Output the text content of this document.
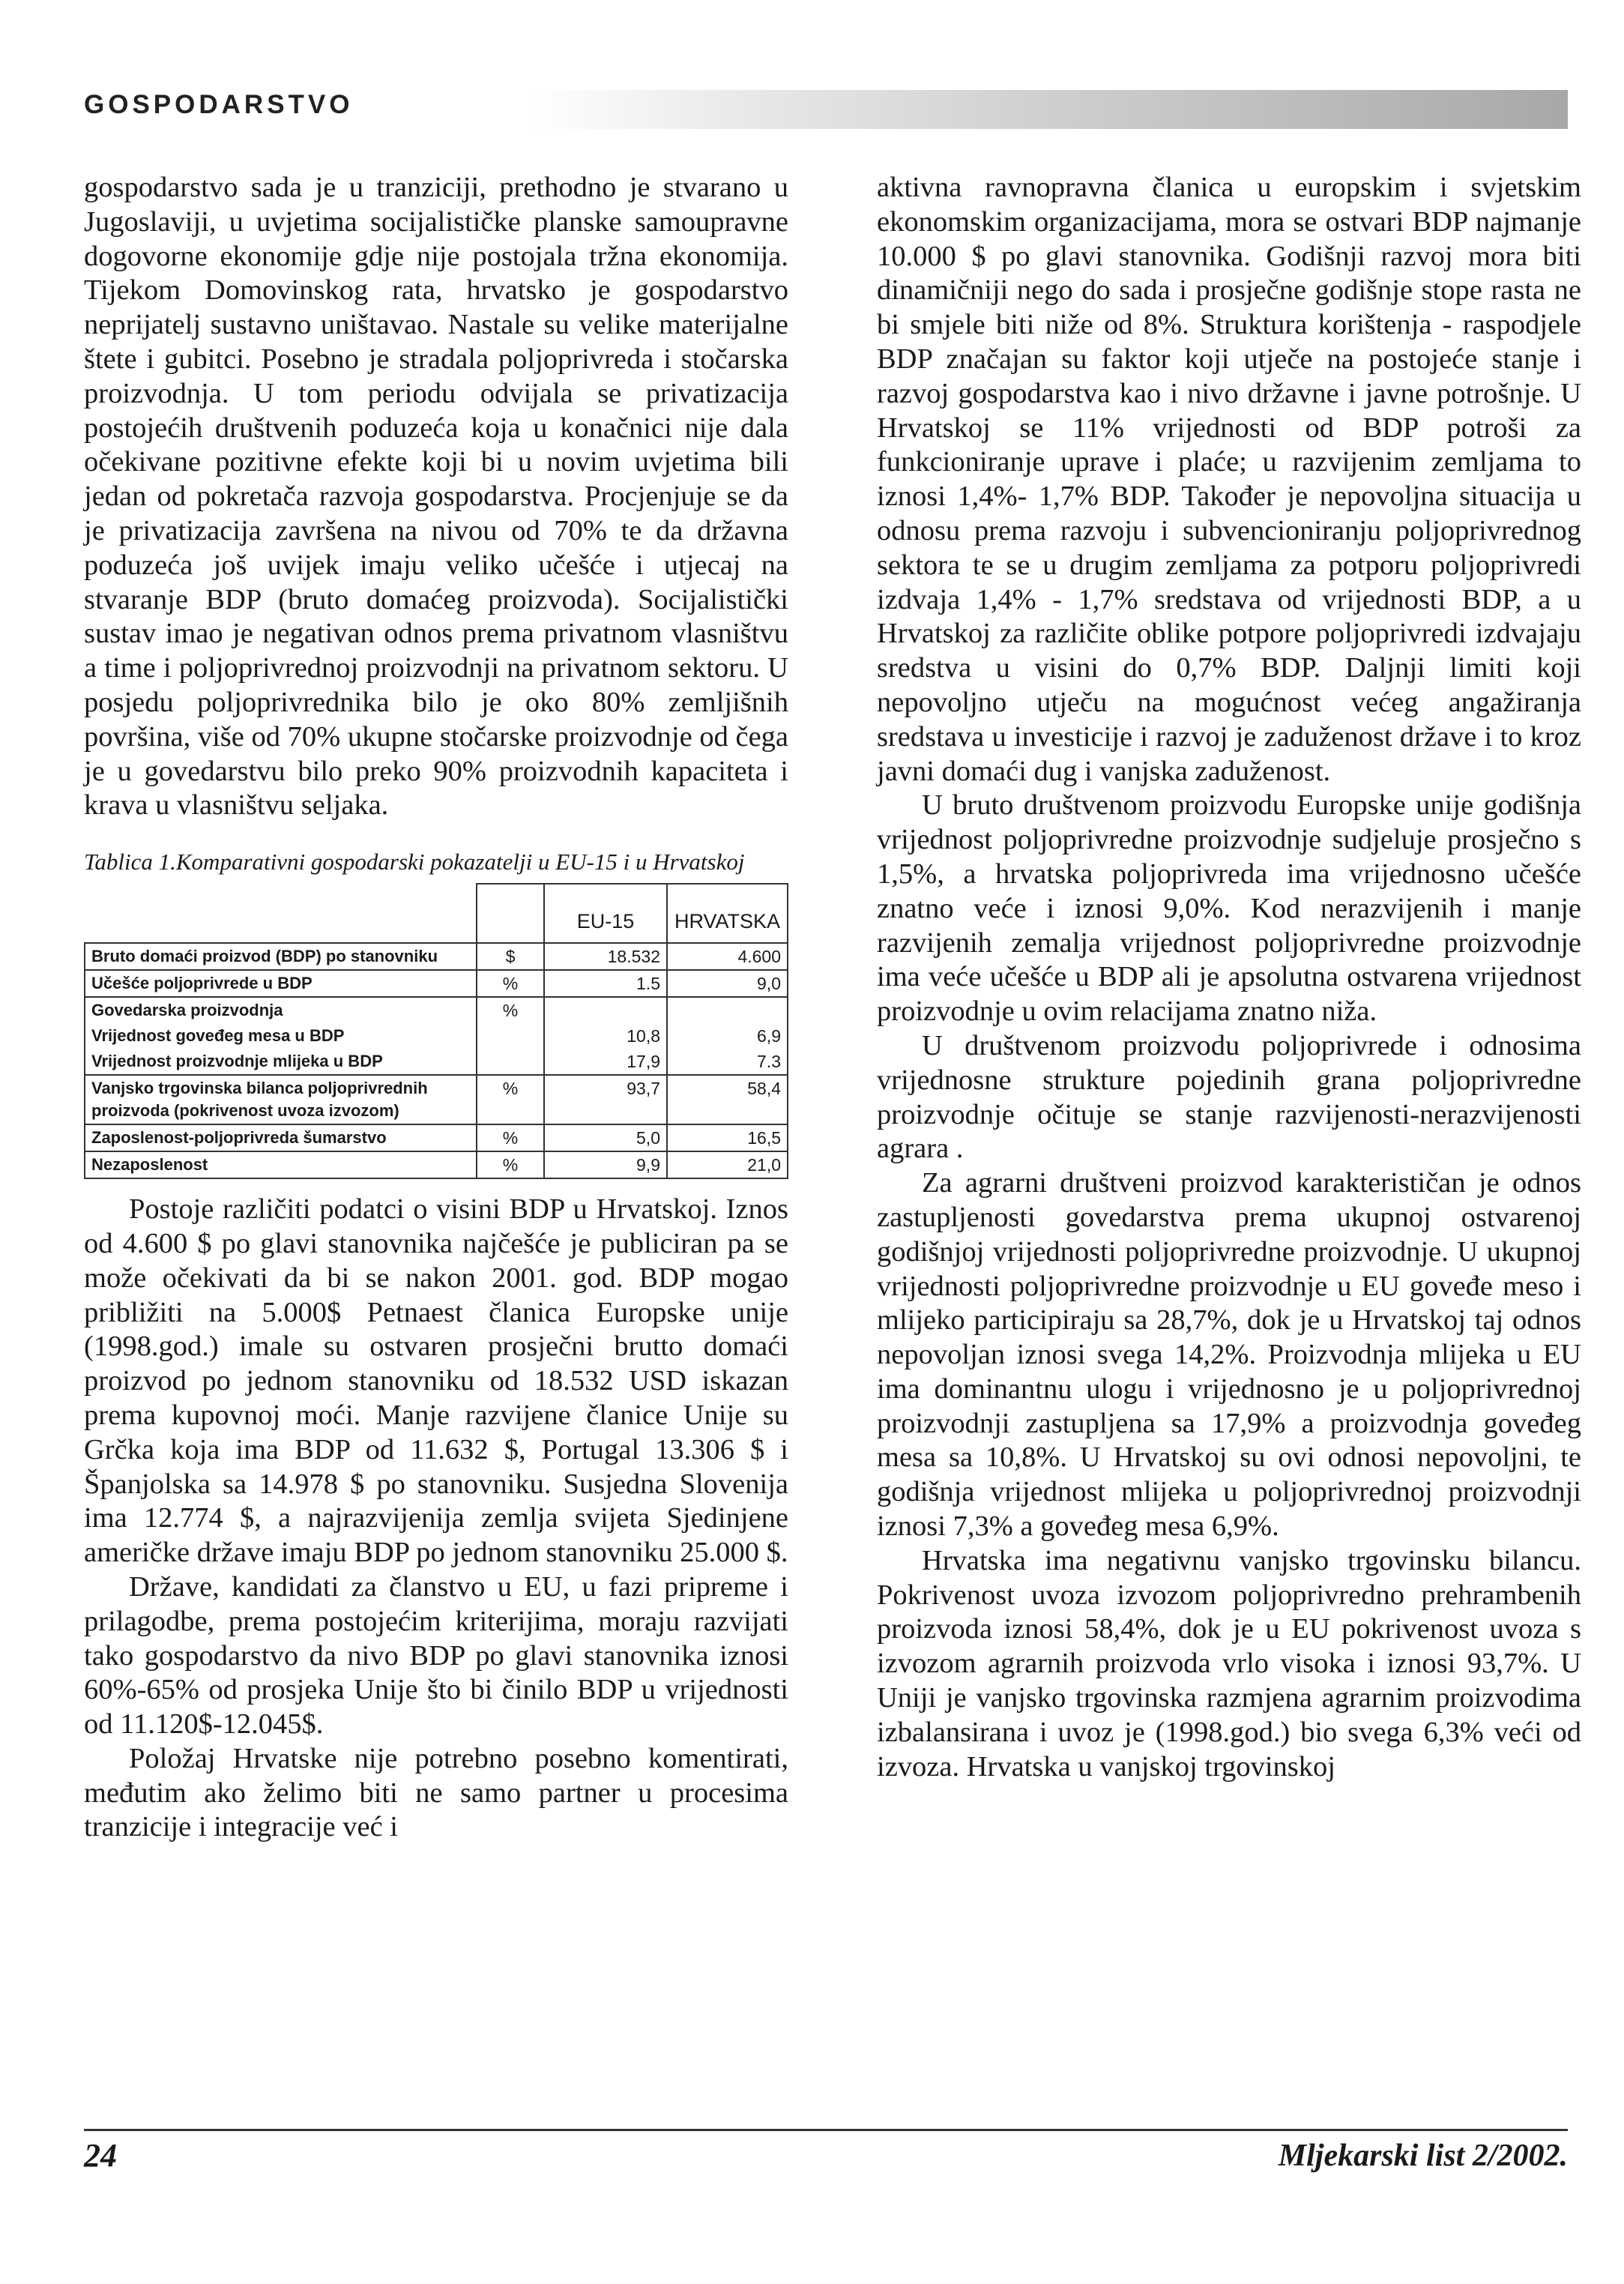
GOSPODARSTVO

gospodarstvo sada je u tranziciji, prethodno je stvarano u Jugoslaviji, u uvjetima socijalističke planske samoupravne dogovorne ekonomije gdje nije postojala tržna ekonomija. Tijekom Domovinskog rata, hrvatsko je gospodarstvo neprijatelj sustavno uništavao. Nastale su velike materijalne štete i gubitci. Posebno je stradala poljoprivreda i stočarska proizvodnja. U tom periodu odvijala se privatizacija postojećih društvenih poduzeća koja u konačnici nije dala očekivane pozitivne efekte koji bi u novim uvjetima bili jedan od pokretača razvoja gospodarstva. Procjenjuje se da je privatizacija završena na nivou od 70% te da državna poduzeća još uvijek imaju veliko učešće i utjecaj na stvaranje BDP (bruto domaćeg proizvoda). Socijalistički sustav imao je negativan odnos prema privatnom vlasništvu a time i poljoprivrednoj proizvodnji na privatnom sektoru. U posjedu poljoprivrednika bilo je oko 80% zemljišnih površina, više od 70% ukupne stočarske proizvodnje od čega je u govedarstvu bilo preko 90% proizvodnih kapaciteta i krava u vlasništvu seljaka.

Tablica 1.Komparativni gospodarski pokazatelji u EU-15 i u Hrvatskoj
		EU-15	HRVATSKA
Bruto domaći proizvod (BDP) po stanovniku	$	18.532	4.600
Učešće poljoprivrede u BDP	%	1.5	9,0
Govedarska proizvodnja	%		
Vrijednost goveđeg mesa u BDP		10,8	6,9
Vrijednost proizvodnje mlijeka u BDP		17,9	7.3
Vanjsko trgovinska bilanca poljoprivrednih proizvoda (pokrivenost uvoza izvozom)	%	93,7	58,4
Zaposlenost-poljoprivreda šumarstvo	%	5,0	16,5
Nezaposlenost	%	9,9	21,0

Postoje različiti podatci o visini BDP u Hrvatskoj. Iznos od 4.600 $ po glavi stanovnika najčešće je publiciran pa se može očekivati da bi se nakon 2001. god. BDP mogao približiti na 5.000$ Petnaest članica Europske unije (1998.god.) imale su ostvaren prosječni brutto domaći proizvod po jednom stanovniku od 18.532 USD iskazan prema kupovnoj moći. Manje razvijene članice Unije su Grčka koja ima BDP od 11.632 $, Portugal 13.306 $ i Španjolska sa 14.978 $ po stanovniku. Susjedna Slovenija ima 12.774 $, a najrazvijenija zemlja svijeta Sjedinjene američke države imaju BDP po jednom stanovniku 25.000 $.

Države, kandidati za članstvo u EU, u fazi pripreme i prilagodbe, prema postojećim kriterijima, moraju razvijati tako gospodarstvo da nivo BDP po glavi stanovnika iznosi 60%-65% od prosjeka Unije što bi činilo BDP u vrijednosti od 11.120$-12.045$.

Položaj Hrvatske nije potrebno posebno komentirati, međutim ako želimo biti ne samo partner u procesima tranzicije i integracije već i

aktivna ravnopravna članica u europskim i svjetskim ekonomskim organizacijama, mora se ostvari BDP najmanje 10.000 $ po glavi stanovnika. Godišnji razvoj mora biti dinamičniji nego do sada i prosječne godišnje stope rasta ne bi smjele biti niže od 8%. Struktura korištenja - raspodjele BDP značajan su faktor koji utječe na postojeće stanje i razvoj gospodarstva kao i nivo državne i javne potrošnje. U Hrvatskoj se 11% vrijednosti od BDP potroši za funkcioniranje uprave i plaće; u razvijenim zemljama to iznosi 1,4%- 1,7% BDP. Također je nepovoljna situacija u odnosu prema razvoju i subvencioniranju poljoprivrednog sektora te se u drugim zemljama za potporu poljoprivredi izdvaja 1,4% - 1,7% sredstava od vrijednosti BDP, a u Hrvatskoj za različite oblike potpore poljoprivredi izdvajaju sredstva u visini do 0,7% BDP. Daljnji limiti koji nepovoljno utječu na mogućnost većeg angažiranja sredstava u investicije i razvoj je zaduženost države i to kroz javni domaći dug i vanjska zaduženost.

U bruto društvenom proizvodu Europske unije godišnja vrijednost poljoprivredne proizvodnje sudjeluje prosječno s 1,5%, a hrvatska poljoprivreda ima vrijednosno učešće znatno veće i iznosi 9,0%. Kod nerazvijenih i manje razvijenih zemalja vrijednost poljoprivredne proizvodnje ima veće učešće u BDP ali je apsolutna ostvarena vrijednost proizvodnje u ovim relacijama znatno niža.

U društvenom proizvodu poljoprivrede i odnosima vrijednosne strukture pojedinih grana poljoprivredne proizvodnje očituje se stanje razvijenosti-nerazvijenosti agrara .

Za agrarni društveni proizvod karakterističan je odnos zastupljenosti govedarstva prema ukupnoj ostvarenoj godišnjoj vrijednosti poljoprivredne proizvodnje. U ukupnoj vrijednosti poljoprivredne proizvodnje u EU goveđe meso i mlijeko participiraju sa 28,7%, dok je u Hrvatskoj taj odnos nepovoljan iznosi svega 14,2%. Proizvodnja mlijeka u EU ima dominantnu ulogu i vrijednosno je u poljoprivrednoj proizvodnji zastupljena sa 17,9% a proizvodnja goveđeg mesa sa 10,8%. U Hrvatskoj su ovi odnosi nepovoljni, te godišnja vrijednost mlijeka u poljoprivrednoj proizvodnji iznosi 7,3% a goveđeg mesa 6,9%.

Hrvatska ima negativnu vanjsko trgovinsku bilancu. Pokrivenost uvoza izvozom poljoprivredno prehrambenih proizvoda iznosi 58,4%, dok je u EU pokrivenost uvoza s izvozom agrarnih proizvoda vrlo visoka i iznosi 93,7%. U Uniji je vanjsko trgovinska razmjena agrarnim proizvodima izbalansirana i uvoz je (1998.god.) bio svega 6,3% veći od izvoza. Hrvatska u vanjskoj trgovinskoj

24	Mljekarski list 2/2002.
